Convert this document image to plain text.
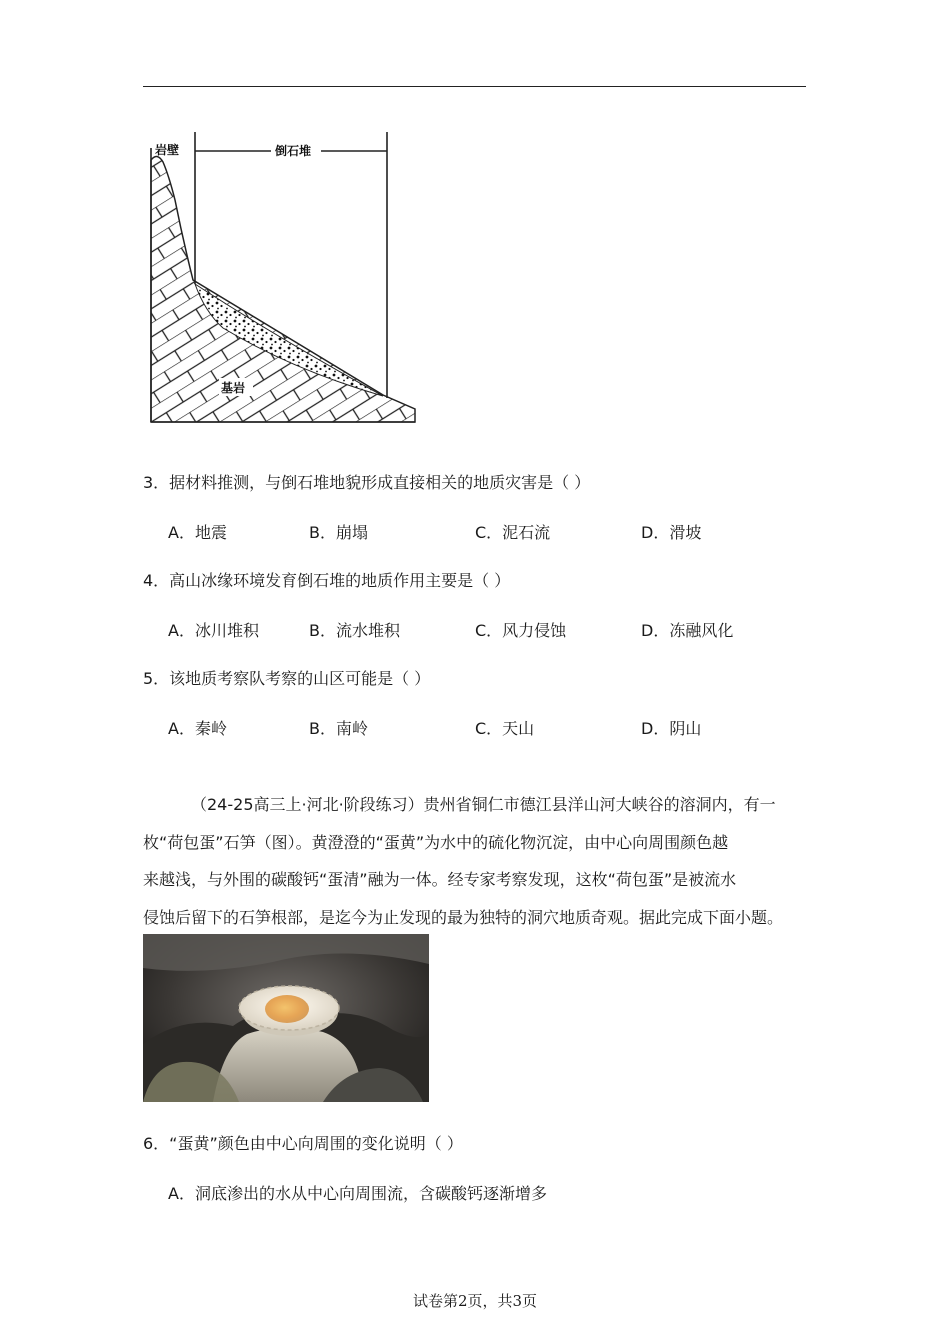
岩壁	倒石堆
基岩
3．据材料推测，与倒石堆地貌形成直接相关的地质灾害是（ ）
A．地震	B．崩塌	C．泥石流	D．滑坡
4．高山冰缘环境发育倒石堆的地质作用主要是（ ）
A．冰川堆积	B．流水堆积	C．风力侵蚀	D．冻融风化
5．该地质考察队考察的山区可能是（ ）
A．秦岭	B．南岭	C．天山	D．阴山
（24-25高三上·河北·阶段练习）贵州省铜仁市德江县洋山河大峡谷的溶洞内，有一
枚“荷包蛋”石笋（图）。黄澄澄的“蛋黄”为水中的硫化物沉淀，由中心向周围颜色越
来越浅，与外围的碳酸钙“蛋清”融为一体。经专家考察发现，这枚“荷包蛋”是被流水
侵蚀后留下的石笋根部，是迄今为止发现的最为独特的洞穴地质奇观。据此完成下面小题。
6．“蛋黄”颜色由中心向周围的变化说明（ ）
A．洞底渗出的水从中心向周围流，含碳酸钙逐渐增多
试卷第2页，共3页
